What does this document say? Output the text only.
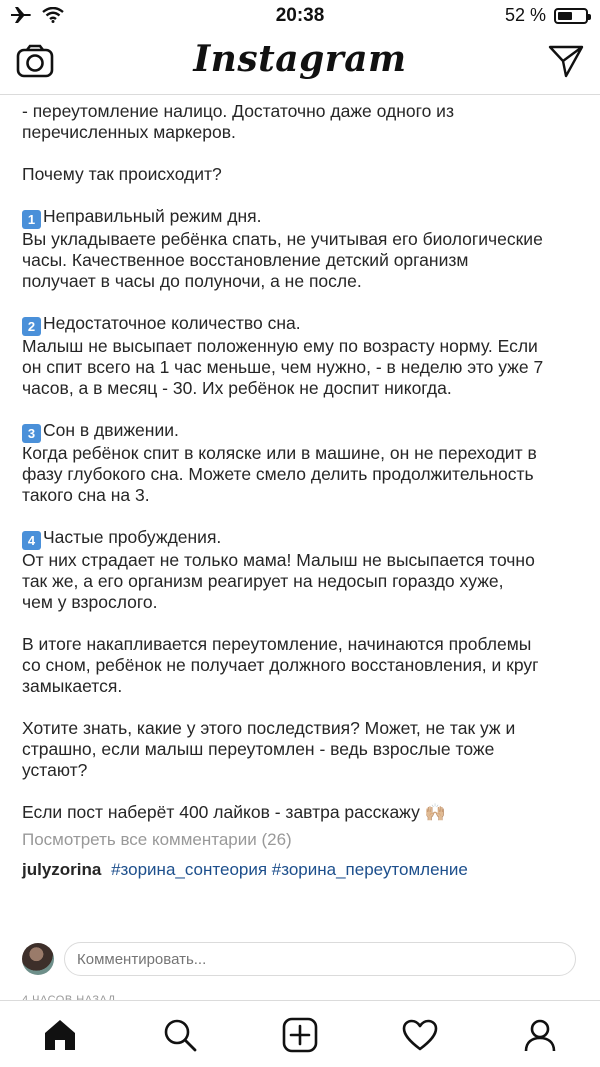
20:38	52 %
Instagram
- переутомление налицо. Достаточно даже одного из
перечисленных маркеров.
Почему так происходит?
1 Неправильный режим дня.
Вы укладываете ребёнка спать, не учитывая его биологические
часы. Качественное восстановление детский организм
получает в часы до полуночи, а не после.
2 Недостаточное количество сна.
Малыш не высыпает положенную ему по возрасту норму. Если
он спит всего на 1 час меньше, чем нужно, - в неделю это уже 7
часов, а в месяц - 30. Их ребёнок не доспит никогда.
3 Сон в движении.
Когда ребёнок спит в коляске или в машине, он не переходит в
фазу глубокого сна. Можете смело делить продолжительность
такого сна на 3.
4 Частые пробуждения.
От них страдает не только мама! Малыш не высыпается точно
так же, а его организм реагирует на недосып гораздо хуже,
чем у взрослого.
В итоге накапливается переутомление, начинаются проблемы
со сном, ребёнок не получает должного восстановления, и круг
замыкается.
Хотите знать, какие у этого последствия? Может, не так уж и
страшно, если малыш переутомлен - ведь взрослые тоже
устают?
Если пост наберёт 400 лайков - завтра расскажу 🙌🏼
Посмотреть все комментарии (26)
julyzorina #зорина_сонтеория #зорина_переутомление
Комментировать...
